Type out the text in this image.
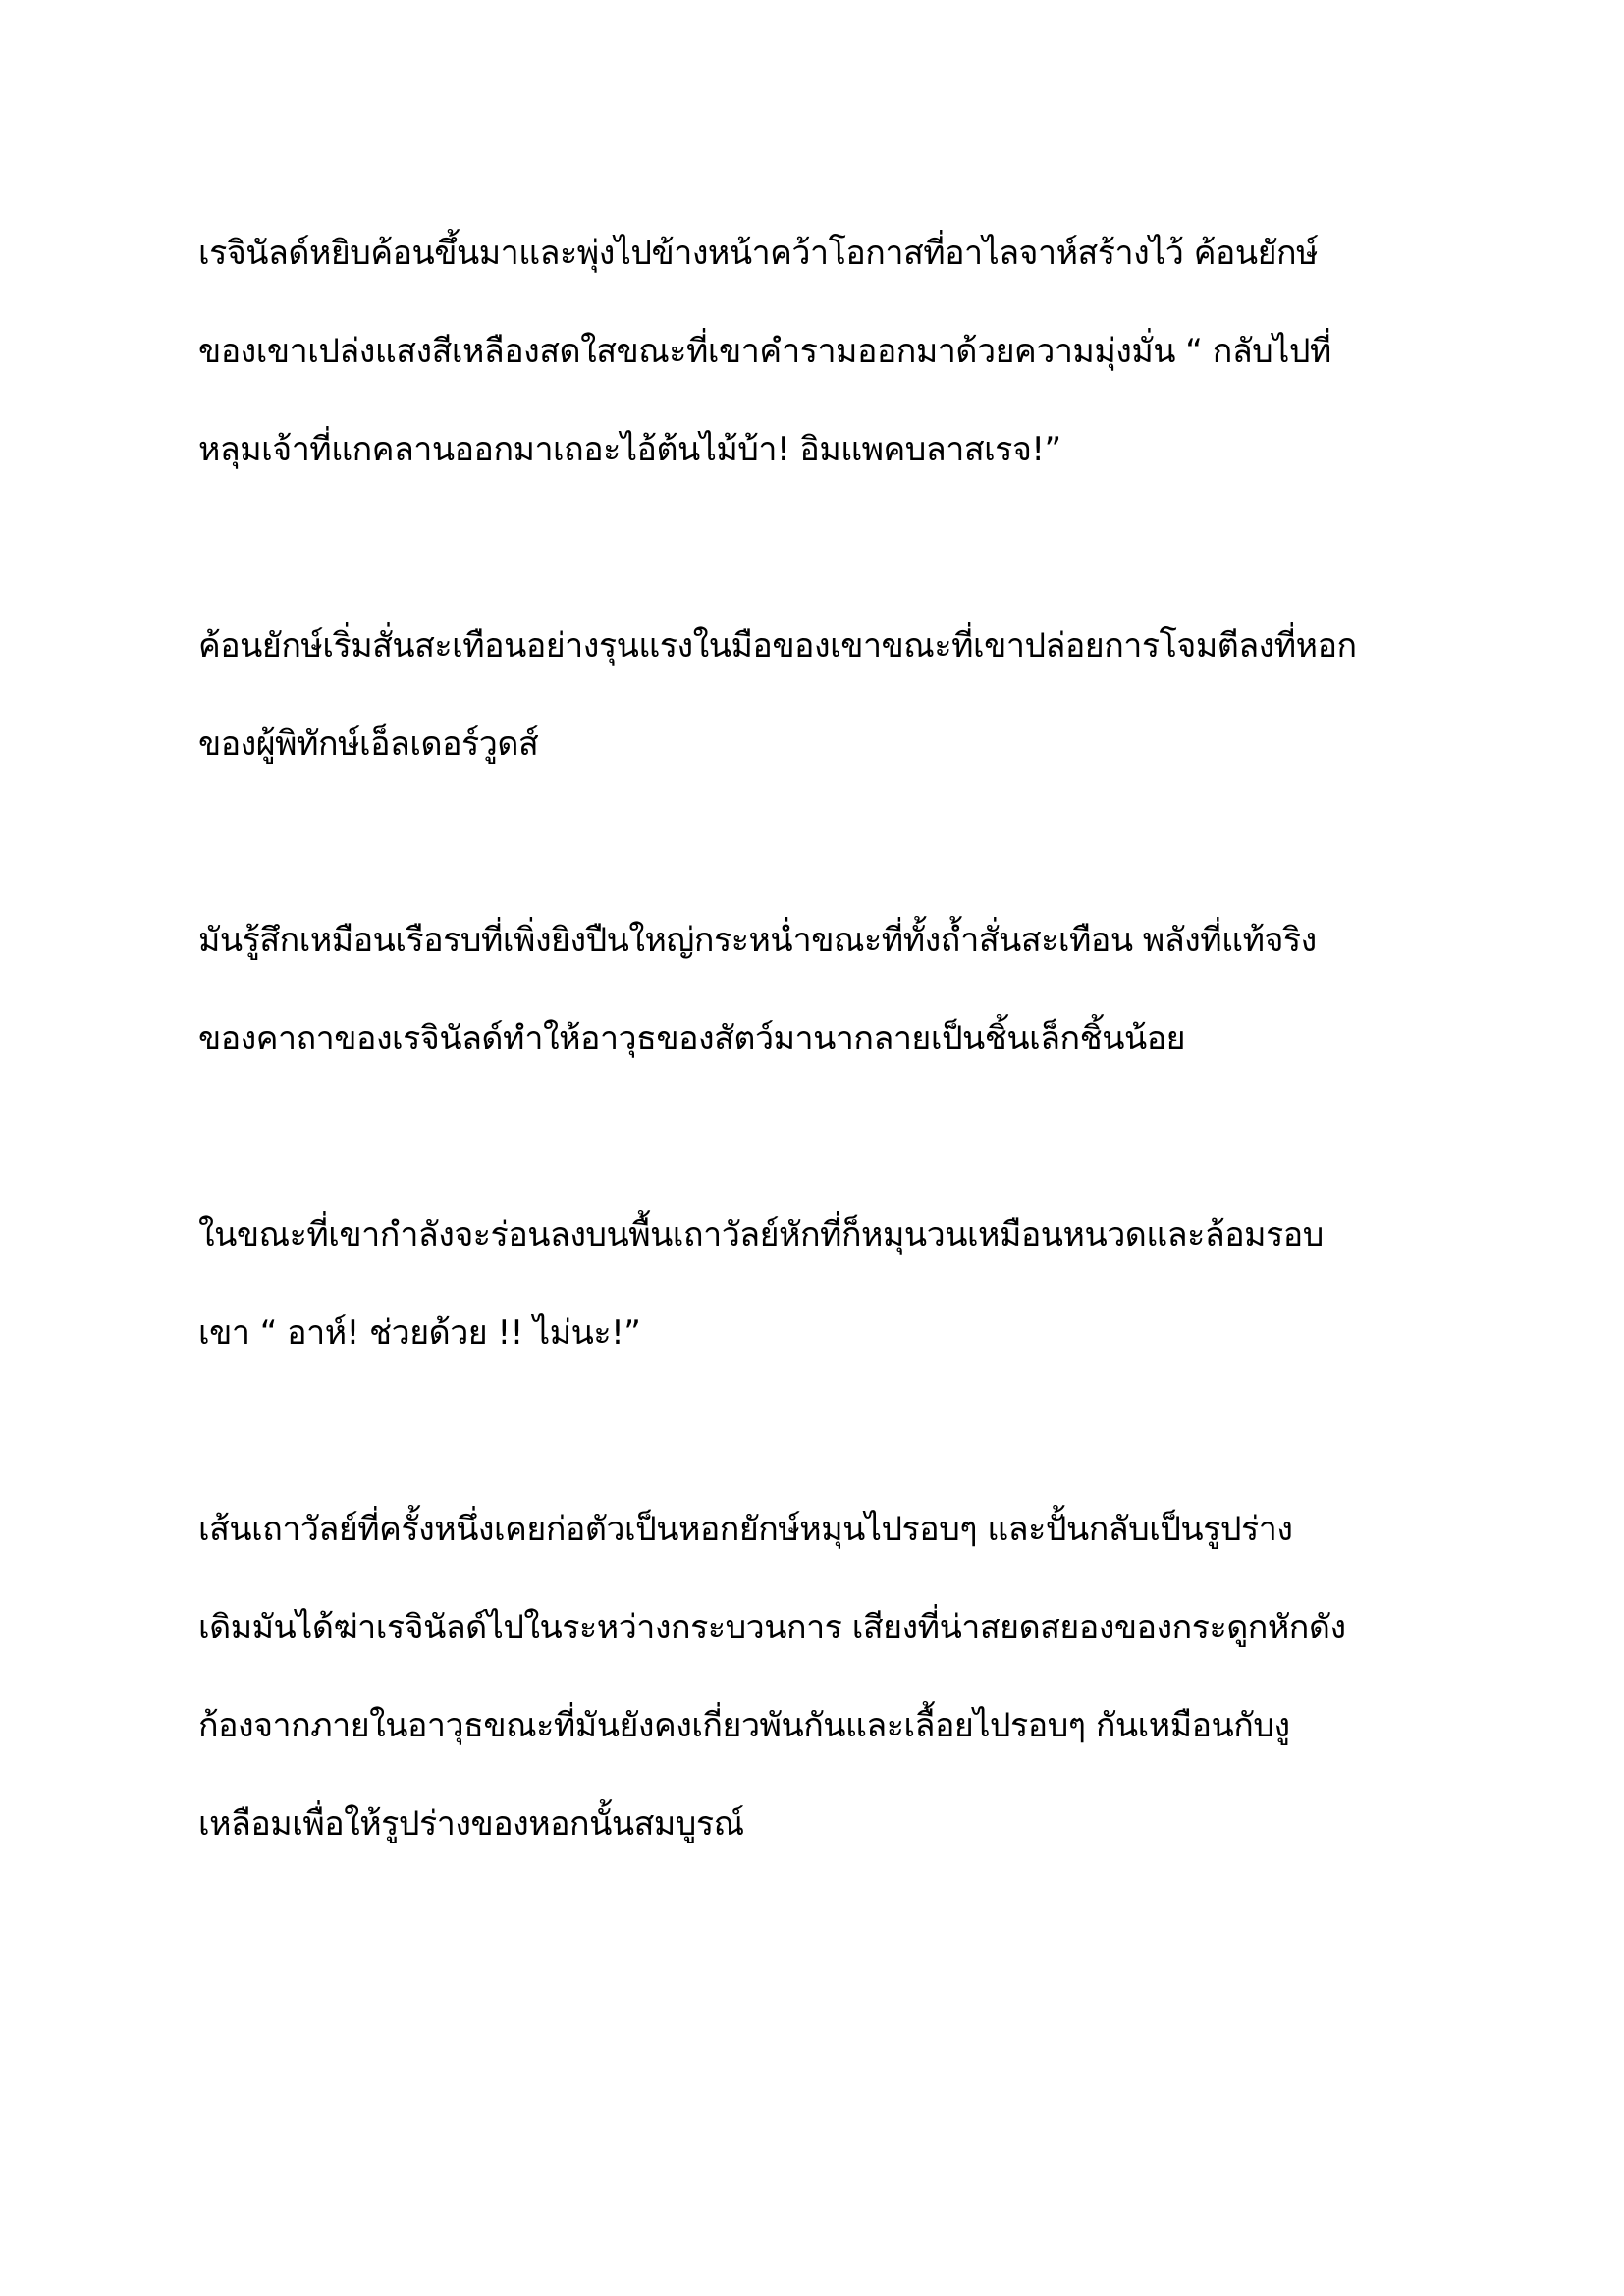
เรจินัลด์หยิบค้อนขึ้นมาและพุ่งไปข้างหน้าคว้าโอกาสที่อาไลจาห์สร้างไว้ ค้อนยักษ์
ของเขาเปล่งแสงสีเหลืองสดใสขณะที่เขาคำรามออกมาด้วยความมุ่งมั่น “ กลับไปที่
หลุมเจ้าที่แกคลานออกมาเถอะไอ้ต้นไม้บ้า! อิมแพคบลาสเรจ!”

ค้อนยักษ์เริ่มสั่นสะเทือนอย่างรุนแรงในมือของเขาขณะที่เขาปล่อยการโจมตีลงที่หอก
ของผู้พิทักษ์เอ็ลเดอร์วูดส์

มันรู้สึกเหมือนเรือรบที่เพิ่งยิงปืนใหญ่กระหน่ำขณะที่ทั้งถ้ำสั่นสะเทือน พลังที่แท้จริง
ของคาถาของเรจินัลด์ทำให้อาวุธของสัตว์มานากลายเป็นชิ้นเล็กชิ้นน้อย

ในขณะที่เขากำลังจะร่อนลงบนพื้นเถาวัลย์หักที่ก็หมุนวนเหมือนหนวดและล้อมรอบ
เขา “ อาห์! ช่วยด้วย !! ไม่นะ!”

เส้นเถาวัลย์ที่ครั้งหนึ่งเคยก่อตัวเป็นหอกยักษ์หมุนไปรอบๆ และปั้นกลับเป็นรูปร่าง
เดิมมันได้ฆ่าเรจินัลด์ไปในระหว่างกระบวนการ เสียงที่น่าสยดสยองของกระดูกหักดัง
ก้องจากภายในอาวุธขณะที่มันยังคงเกี่ยวพันกันและเลื้อยไปรอบๆ กันเหมือนกับงู
เหลือมเพื่อให้รูปร่างของหอกนั้นสมบูรณ์
